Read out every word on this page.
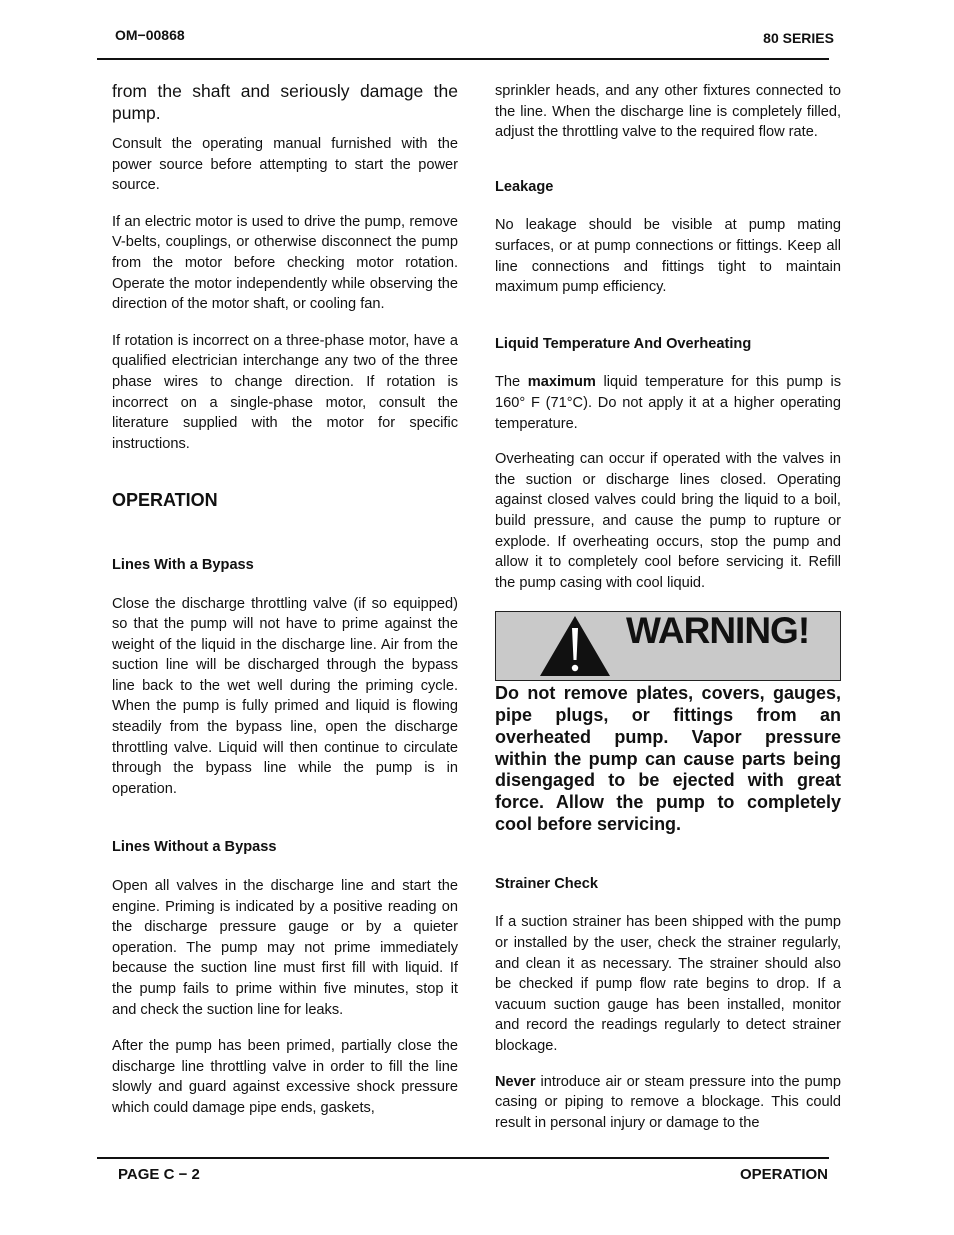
OM−00868	80 SERIES

from the shaft and seriously damage the pump.

Consult the operating manual furnished with the power source before attempting to start the power source.

If an electric motor is used to drive the pump, remove V-belts, couplings, or otherwise disconnect the pump from the motor before checking motor rotation. Operate the motor independently while observing the direction of the motor shaft, or cooling fan.

If rotation is incorrect on a three-phase motor, have a qualified electrician interchange any two of the three phase wires to change direction. If rotation is incorrect on a single-phase motor, consult the literature supplied with the motor for specific instructions.

OPERATION

Lines With a Bypass

Close the discharge throttling valve (if so equipped) so that the pump will not have to prime against the weight of the liquid in the discharge line. Air from the suction line will be discharged through the bypass line back to the wet well during the priming cycle. When the pump is fully primed and liquid is flowing steadily from the bypass line, open the discharge throttling valve. Liquid will then continue to circulate through the bypass line while the pump is in operation.

Lines Without a Bypass

Open all valves in the discharge line and start the engine. Priming is indicated by a positive reading on the discharge pressure gauge or by a quieter operation. The pump may not prime immediately because the suction line must first fill with liquid. If the pump fails to prime within five minutes, stop it and check the suction line for leaks.

After the pump has been primed, partially close the discharge line throttling valve in order to fill the line slowly and guard against excessive shock pressure which could damage pipe ends, gaskets,

sprinkler heads, and any other fixtures connected to the line. When the discharge line is completely filled, adjust the throttling valve to the required flow rate.

Leakage

No leakage should be visible at pump mating surfaces, or at pump connections or fittings. Keep all line connections and fittings tight to maintain maximum pump efficiency.

Liquid Temperature And Overheating

The maximum liquid temperature for this pump is 160° F (71°C). Do not apply it at a higher operating temperature.

Overheating can occur if operated with the valves in the suction or discharge lines closed. Operating against closed valves could bring the liquid to a boil, build pressure, and cause the pump to rupture or explode. If overheating occurs, stop the pump and allow it to completely cool before servicing it. Refill the pump casing with cool liquid.

WARNING!

Do not remove plates, covers, gauges, pipe plugs, or fittings from an overheated pump. Vapor pressure within the pump can cause parts being disengaged to be ejected with great force. Allow the pump to completely cool before servicing.

Strainer Check

If a suction strainer has been shipped with the pump or installed by the user, check the strainer regularly, and clean it as necessary. The strainer should also be checked if pump flow rate begins to drop. If a vacuum suction gauge has been installed, monitor and record the readings regularly to detect strainer blockage.

Never introduce air or steam pressure into the pump casing or piping to remove a blockage. This could result in personal injury or damage to the

PAGE C − 2	OPERATION
